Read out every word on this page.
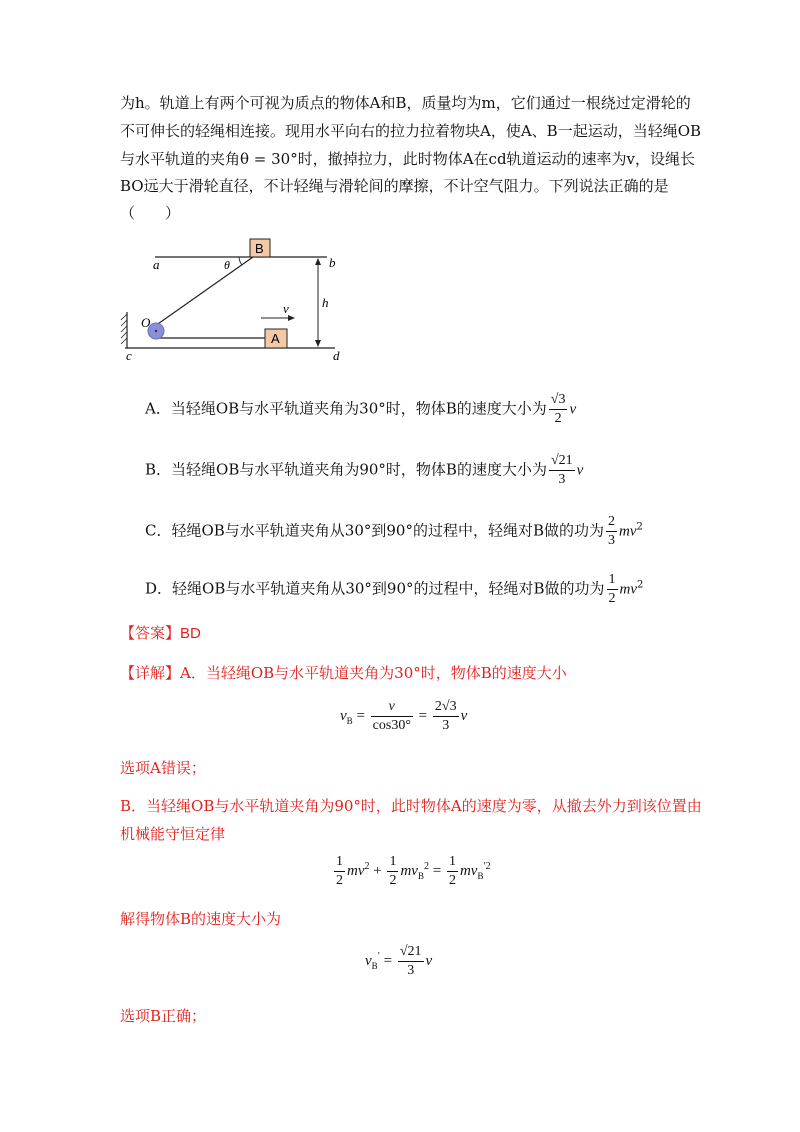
为h。轨道上有两个可视为质点的物体A和B，质量均为m，它们通过一根绕过定滑轮的
不可伸长的轻绳相连接。现用水平向右的拉力拉着物块A，使A、B一起运动，当轻绳OB
与水平轨道的夹角θ = 30°时，撤掉拉力，此时物体A在cd轨道运动的速率为v，设绳长
BO远大于滑轮直径，不计轻绳与滑轮间的摩擦，不计空气阻力。下列说法正确的是
（　　）
B
A
a	b
c	d
O
θ
h
v
A．当轻绳OB与水平轨道夹角为30°时，物体B的速度大小为 $\frac{√3}{2}$ v
B．当轻绳OB与水平轨道夹角为90°时，物体B的速度大小为 $\frac{√21}{3}$ v
C．轻绳OB与水平轨道夹角从30°到90°的过程中，轻绳对B做的功为 $\frac{2}{3} mv^2$
D．轻绳OB与水平轨道夹角从30°到90°的过程中，轻绳对B做的功为 $\frac{1}{2} mv^2$
【答案】BD
【详解】A．当轻绳OB与水平轨道夹角为30°时，物体B的速度大小
$v_B = \frac{v}{\cos 30^\circ} = \frac{2√3}{3}$ v
选项A错误；
B．当轻绳OB与水平轨道夹角为90°时，此时物体A的速度为零，从撤去外力到该位置由
机械能守恒定律
$\frac{1}{2} mv^2 + \frac{1}{2} mv_B^2 = \frac{1}{2} mv_B^{'2}$
解得物体B的速度大小为
$v_B' = \frac{√21}{3}$ v
选项B正确；
